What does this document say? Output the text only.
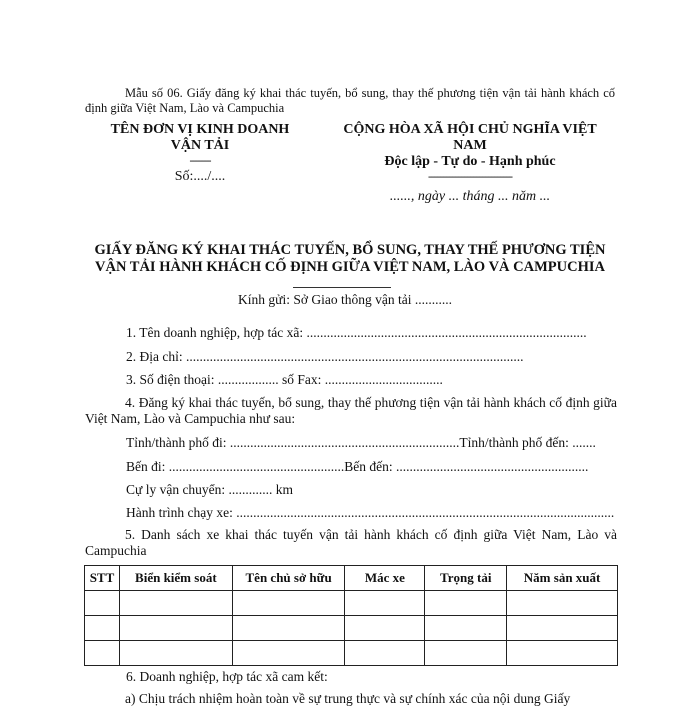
Mẫu số 06. Giấy đăng ký khai thác tuyến, bổ sung, thay thế phương tiện vận tải hành khách cố định giữa Việt Nam, Lào và Campuchia
TÊN ĐƠN VỊ KINH DOANH
VẬN TẢI
-------
Số:..../....
CỘNG HÒA XÃ HỘI CHỦ NGHĨA VIỆT
NAM
Độc lập - Tự do - Hạnh phúc
----------------------------
......, ngày ... tháng ... năm ...
GIẤY ĐĂNG KÝ KHAI THÁC TUYẾN, BỔ SUNG, THAY THẾ PHƯƠNG TIỆN
VẬN TẢI HÀNH KHÁCH CỐ ĐỊNH GIỮA VIỆT NAM, LÀO VÀ CAMPUCHIA
Kính gửi: Sở Giao thông vận tải ...........
1. Tên doanh nghiệp, hợp tác xã: ...................................................................................
2. Địa chỉ: ....................................................................................................
3. Số điện thoại: .................. số Fax: ...................................
4. Đăng ký khai thác tuyến, bổ sung, thay thế phương tiện vận tải hành khách cố định giữa Việt Nam, Lào và Campuchia như sau:
Tỉnh/thành phố đi: ....................................................................Tỉnh/thành phố đến: .......
Bến đi: ....................................................Bến đến: .........................................................
Cự ly vận chuyển: ............. km
Hành trình chạy xe: ................................................................................................................
5. Danh sách xe khai thác tuyến vận tải hành khách cố định giữa Việt Nam, Lào và Campuchia
STT	Biển kiểm soát	Tên chủ sở hữu	Mác xe	Trọng tải	Năm sản xuất

6. Doanh nghiệp, hợp tác xã cam kết:
a) Chịu trách nhiệm hoàn toàn về sự trung thực và sự chính xác của nội dung Giấy
